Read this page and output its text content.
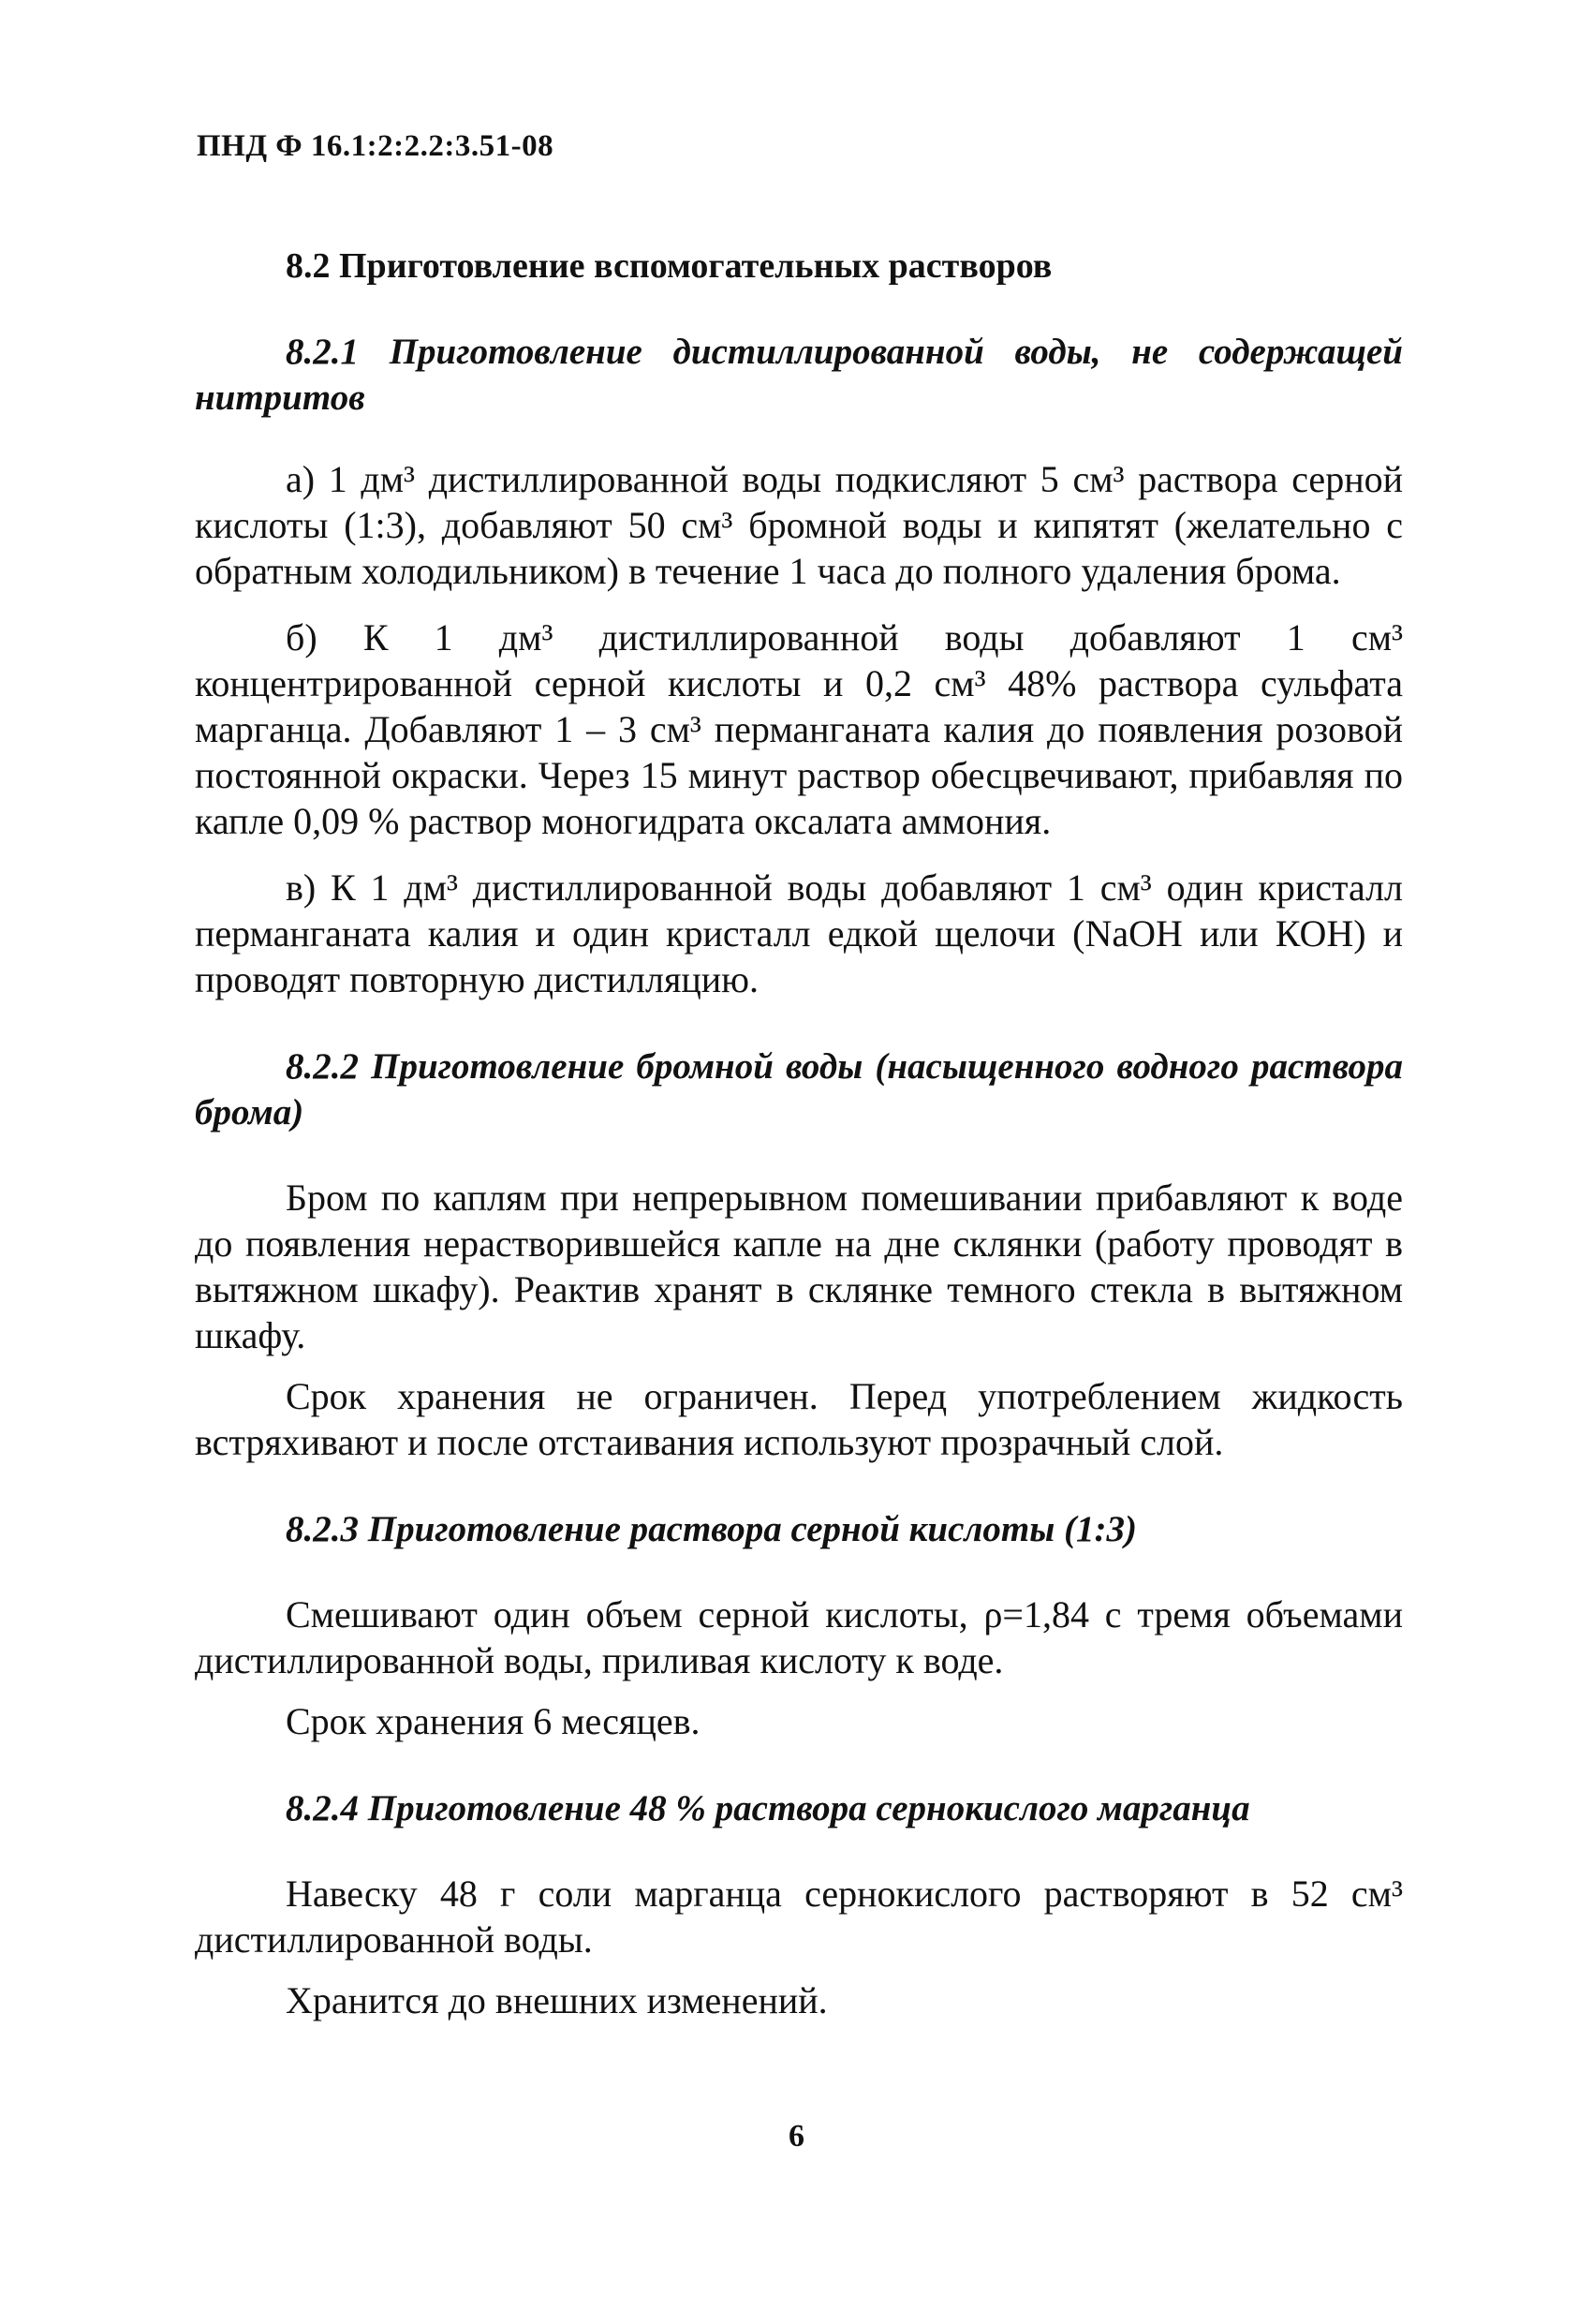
ПНД Ф 16.1:2:2.2:3.51-08

8.2 Приготовление вспомогательных растворов

8.2.1 Приготовление дистиллированной воды, не содержащей нитритов

а) 1 дм³ дистиллированной воды подкисляют 5 см³ раствора серной кислоты (1:3), добавляют 50 см³ бромной воды и кипятят (желательно с обратным холодильником) в течение 1 часа до полного удаления брома.

б) К 1 дм³ дистиллированной воды добавляют 1 см³ концентрированной серной кислоты и 0,2 см³ 48% раствора сульфата марганца. Добавляют 1 – 3 см³ перманганата калия до появления розовой постоянной окраски. Через 15 минут раствор обесцвечивают, прибавляя по капле 0,09 % раствор моногидрата оксалата аммония.

в) К 1 дм³ дистиллированной воды добавляют 1 см³ один кристалл перманганата калия и один кристалл едкой щелочи (NaOH или КОН) и проводят повторную дистилляцию.

8.2.2 Приготовление бромной воды (насыщенного водного раствора брома)

Бром по каплям при непрерывном помешивании прибавляют к воде до появления нерастворившейся капле на дне склянки (работу проводят в вытяжном шкафу). Реактив хранят в склянке темного стекла в вытяжном шкафу.

Срок хранения не ограничен. Перед употреблением жидкость встряхивают и после отстаивания используют прозрачный слой.

8.2.3 Приготовление раствора серной кислоты (1:3)

Смешивают один объем серной кислоты, ρ=1,84 с тремя объемами дистиллированной воды, приливая кислоту к воде.

Срок хранения 6 месяцев.

8.2.4 Приготовление 48 % раствора сернокислого марганца

Навеску 48 г соли марганца сернокислого растворяют в 52 см³ дистиллированной воды.

Хранится до внешних изменений.

6
